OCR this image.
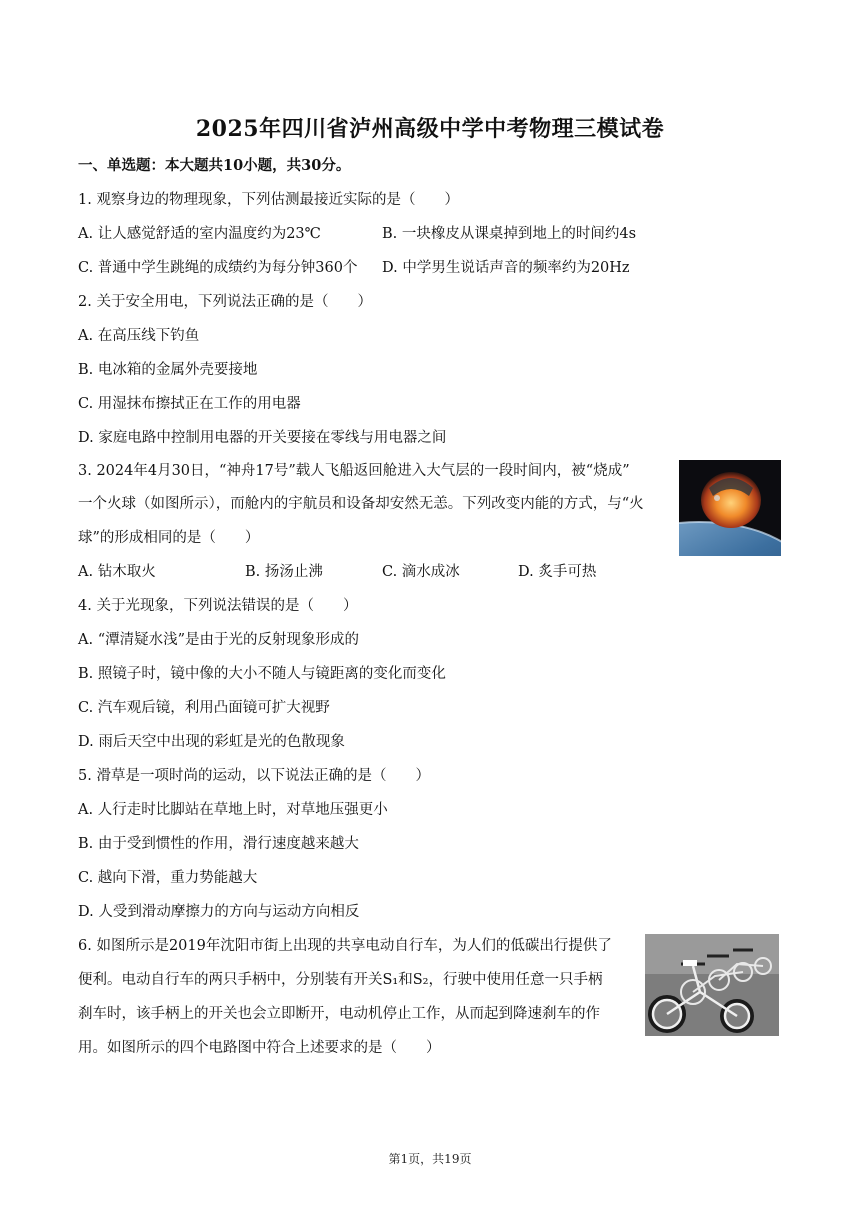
2025年四川省泸州高级中学中考物理三模试卷
一、单选题：本大题共10小题，共30分。
1. 观察身边的物理现象，下列估测最接近实际的是（　　）
A. 让人感觉舒适的室内温度约为23℃	B. 一块橡皮从课桌掉到地上的时间约4s
C. 普通中学生跳绳的成绩约为每分钟360个 D. 中学男生说话声音的频率约为20Hz
2. 关于安全用电，下列说法正确的是（　　）
A. 在高压线下钓鱼
B. 电冰箱的金属外壳要接地
C. 用湿抹布擦拭正在工作的用电器
D. 家庭电路中控制用电器的开关要接在零线与用电器之间
3. 2024年4月30日，“神舟17号”载人飞船返回舱进入大气层的一段时间内，被“烧成”
一个火球（如图所示），而舱内的宇航员和设备却安然无恙。下列改变内能的方式，与“火
球”的形成相同的是（　　）
A. 钻木取火	B. 扬汤止沸	C. 滴水成冰	D. 炙手可热
4. 关于光现象，下列说法错误的是（　　）
A. “潭清疑水浅”是由于光的反射现象形成的
B. 照镜子时，镜中像的大小不随人与镜距离的变化而变化
C. 汽车观后镜，利用凸面镜可扩大视野
D. 雨后天空中出现的彩虹是光的色散现象
5. 滑草是一项时尚的运动，以下说法正确的是（　　）
A. 人行走时比脚站在草地上时，对草地压强更小
B. 由于受到惯性的作用，滑行速度越来越大
C. 越向下滑，重力势能越大
D. 人受到滑动摩擦力的方向与运动方向相反
6. 如图所示是2019年沈阳市街上出现的共享电动自行车，为人们的低碳出行提供了
便利。电动自行车的两只手柄中，分别装有开关S₁和S₂，行驶中使用任意一只手柄
刹车时，该手柄上的开关也会立即断开，电动机停止工作，从而起到降速刹车的作
用。如图所示的四个电路图中符合上述要求的是（　　）
第1页，共19页
